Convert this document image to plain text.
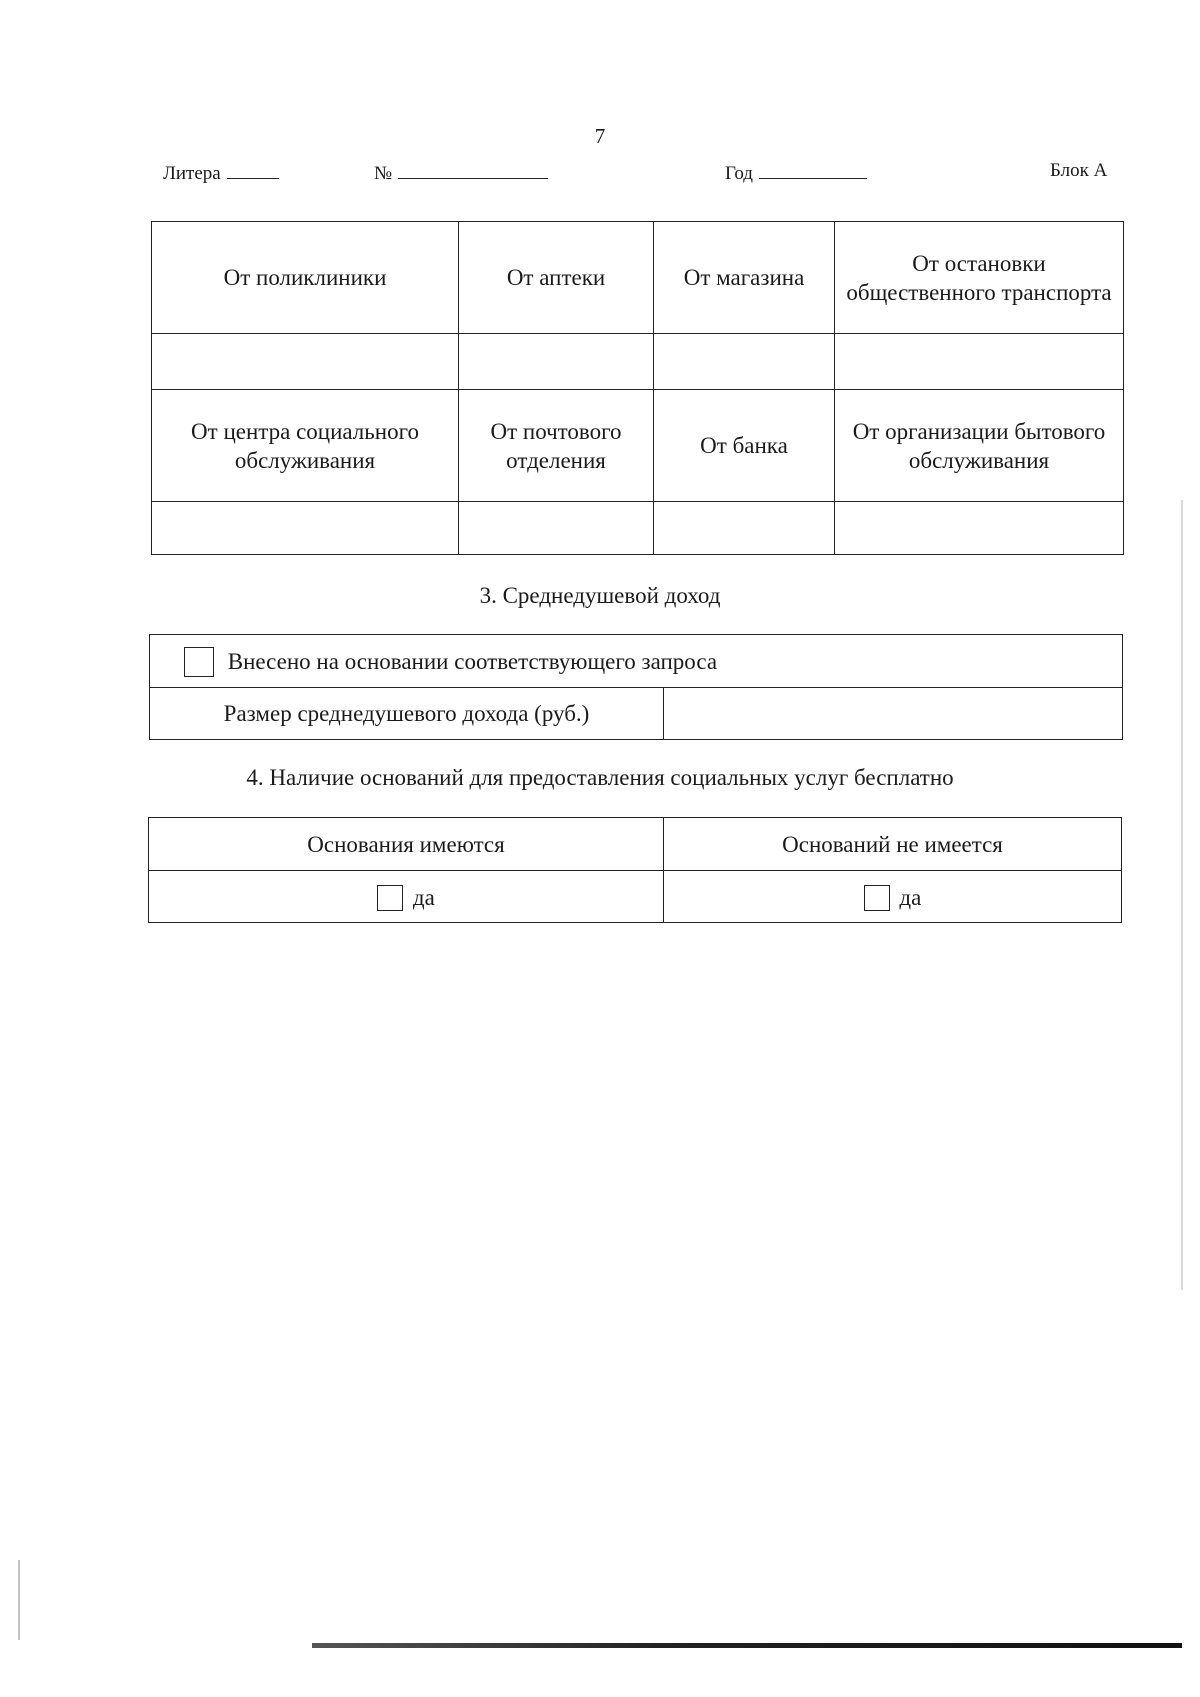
7
Литера	№	Год	Блок А
От поликлиники	От аптеки	От магазина	От остановки общественного транспорта

От центра социального обслуживания	От почтового отделения	От банка	От организации бытового обслуживания

3. Среднедушевой доход
Внесено на основании соответствующего запроса
Размер среднедушевого дохода (руб.)	
4. Наличие оснований для предоставления социальных услуг бесплатно
Основания имеются	Оснований не имеется
да	да
